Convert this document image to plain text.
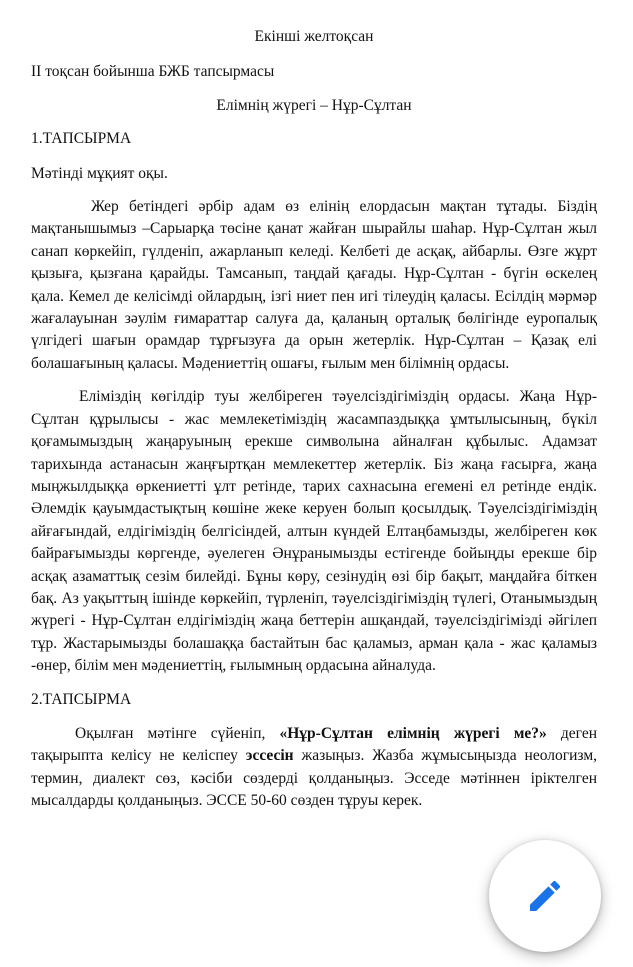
Екінші желтоқсан

ІІ тоқсан бойынша БЖБ тапсырмасы

Елімнің жүрегі – Нұр-Сұлтан

1.ТАПСЫРМА

Мәтінді мұқият оқы.

Жер бетіндегі әрбір адам өз елінің елордасын мақтан тұтады. Біздің мақтанышымыз –Сарыарқа төсіне қанат жайған шырайлы шаһар. Нұр-Сұлтан жыл санап көркейіп, гүлденіп, ажарланып келеді. Келбеті де асқақ, айбарлы. Өзге жұрт қызыға, қызғана қарайды. Тамсанып, таңдай қағады. Нұр-Сұлтан - бүгін өскелең қала. Кемел де келісімді ойлардың, ізгі ниет пен игі тілеудің қаласы. Есілдің мәрмәр жағалауынан зәулім ғимараттар салуға да, қаланың орталық бөлігінде еуропалық үлгідегі шағын орамдар тұрғызуға да орын жетерлік. Нұр-Сұлтан – Қазақ елі болашағының қаласы. Мәдениеттің ошағы, ғылым мен білімнің ордасы.

Еліміздің көгілдір туы желбіреген тәуелсіздігіміздің ордасы. Жаңа Нұр-Сұлтан құрылысы - жас мемлекетіміздің жасампаздыққа ұмтылысының, бүкіл қоғамымыздың жаңаруының ерекше символына айналған құбылыс. Адамзат тарихында астанасын жаңғыртқан мемлекеттер жетерлік. Біз жаңа ғасырға, жаңа мыңжылдыққа өркениетті ұлт ретінде, тарих сахнасына егемені ел ретінде ендік. Әлемдік қауымдастықтың көшіне жеке керуен болып қосылдық. Тәуелсіздігіміздің айғағындай, елдігіміздің белгісіндей, алтын күндей Елтаңбамызды, желбіреген көк байрағымызды көргенде, әуелеген Әнұранымызды естігенде бойыңды ерекше бір асқақ азаматтық сезім билейді. Бұны көру, сезінудің өзі бір бақыт, маңдайға біткен бақ. Аз уақыттың ішінде көркейіп, түрленіп, тәуелсіздігіміздің түлегі, Отанымыздың жүрегі - Нұр-Сұлтан елдігіміздің жаңа беттерін ашқандай, тәуелсіздігімізді әйгілеп тұр. Жастарымызды болашаққа бастайтын бас қаламыз, арман қала - жас қаламыз -өнер, білім мен мәдениеттің, ғылымның ордасына айналуда.

2.ТАПСЫРМА

Оқылған мәтінге сүйеніп, «Нұр-Сұлтан елімнің жүрегі ме?» деген тақырыпта келісу не келіспеу эссесін жазыңыз. Жазба жұмысыңызда неологизм, термин, диалект сөз, кәсіби сөздерді қолданыңыз. Эсседе мәтіннен іріктелген мысалдарды қолданыңыз. ЭССЕ 50-60 сөзден тұруы керек.
